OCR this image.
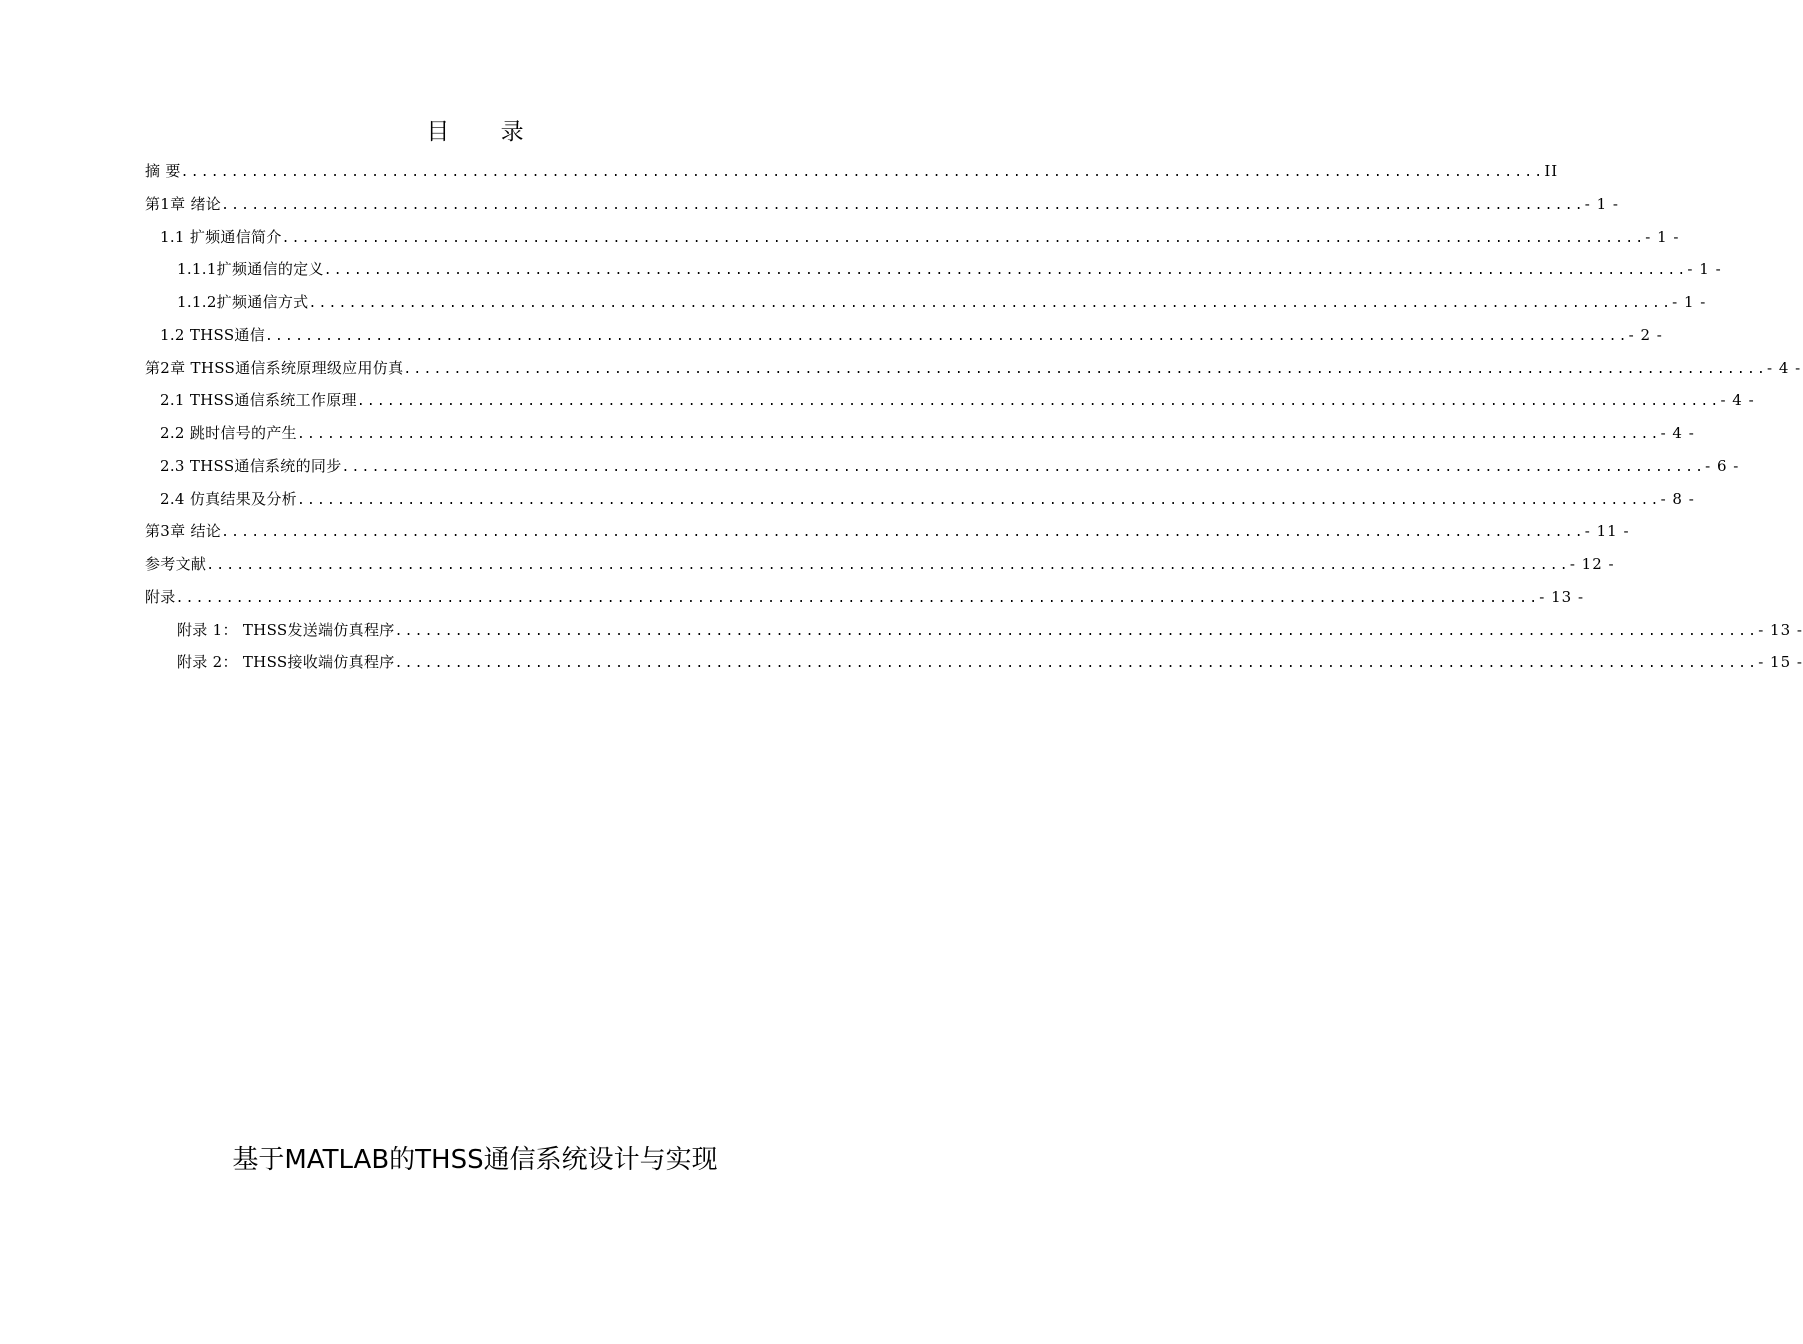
目 录
摘 要 ........................................................................................................................................ II
第1章 绪论 ........................................................................................................................................ - 1 -
1.1 扩频通信简介 ........................................................................................................................................ - 1 -
1.1.1扩频通信的定义 ........................................................................................................................................ - 1 -
1.1.2扩频通信方式 ........................................................................................................................................ - 1 -
1.2 THSS通信 ........................................................................................................................................ - 2 -
第2章 THSS通信系统原理级应用仿真 ........................................................................................................................................ - 4 -
2.1 THSS通信系统工作原理 ........................................................................................................................................ - 4 -
2.2 跳时信号的产生 ........................................................................................................................................ - 4 -
2.3 THSS通信系统的同步 ........................................................................................................................................ - 6 -
2.4 仿真结果及分析 ........................................................................................................................................ - 8 -
第3章 结论 ........................................................................................................................................ - 11 -
参考文献 ........................................................................................................................................ - 12 -
附录 ........................................................................................................................................ - 13 -
附录 1： THSS发送端仿真程序 ........................................................................................................................................ - 13 -
附录 2： THSS接收端仿真程序 ........................................................................................................................................ - 15 -
基于MATLAB的THSS通信系统设计与实现
